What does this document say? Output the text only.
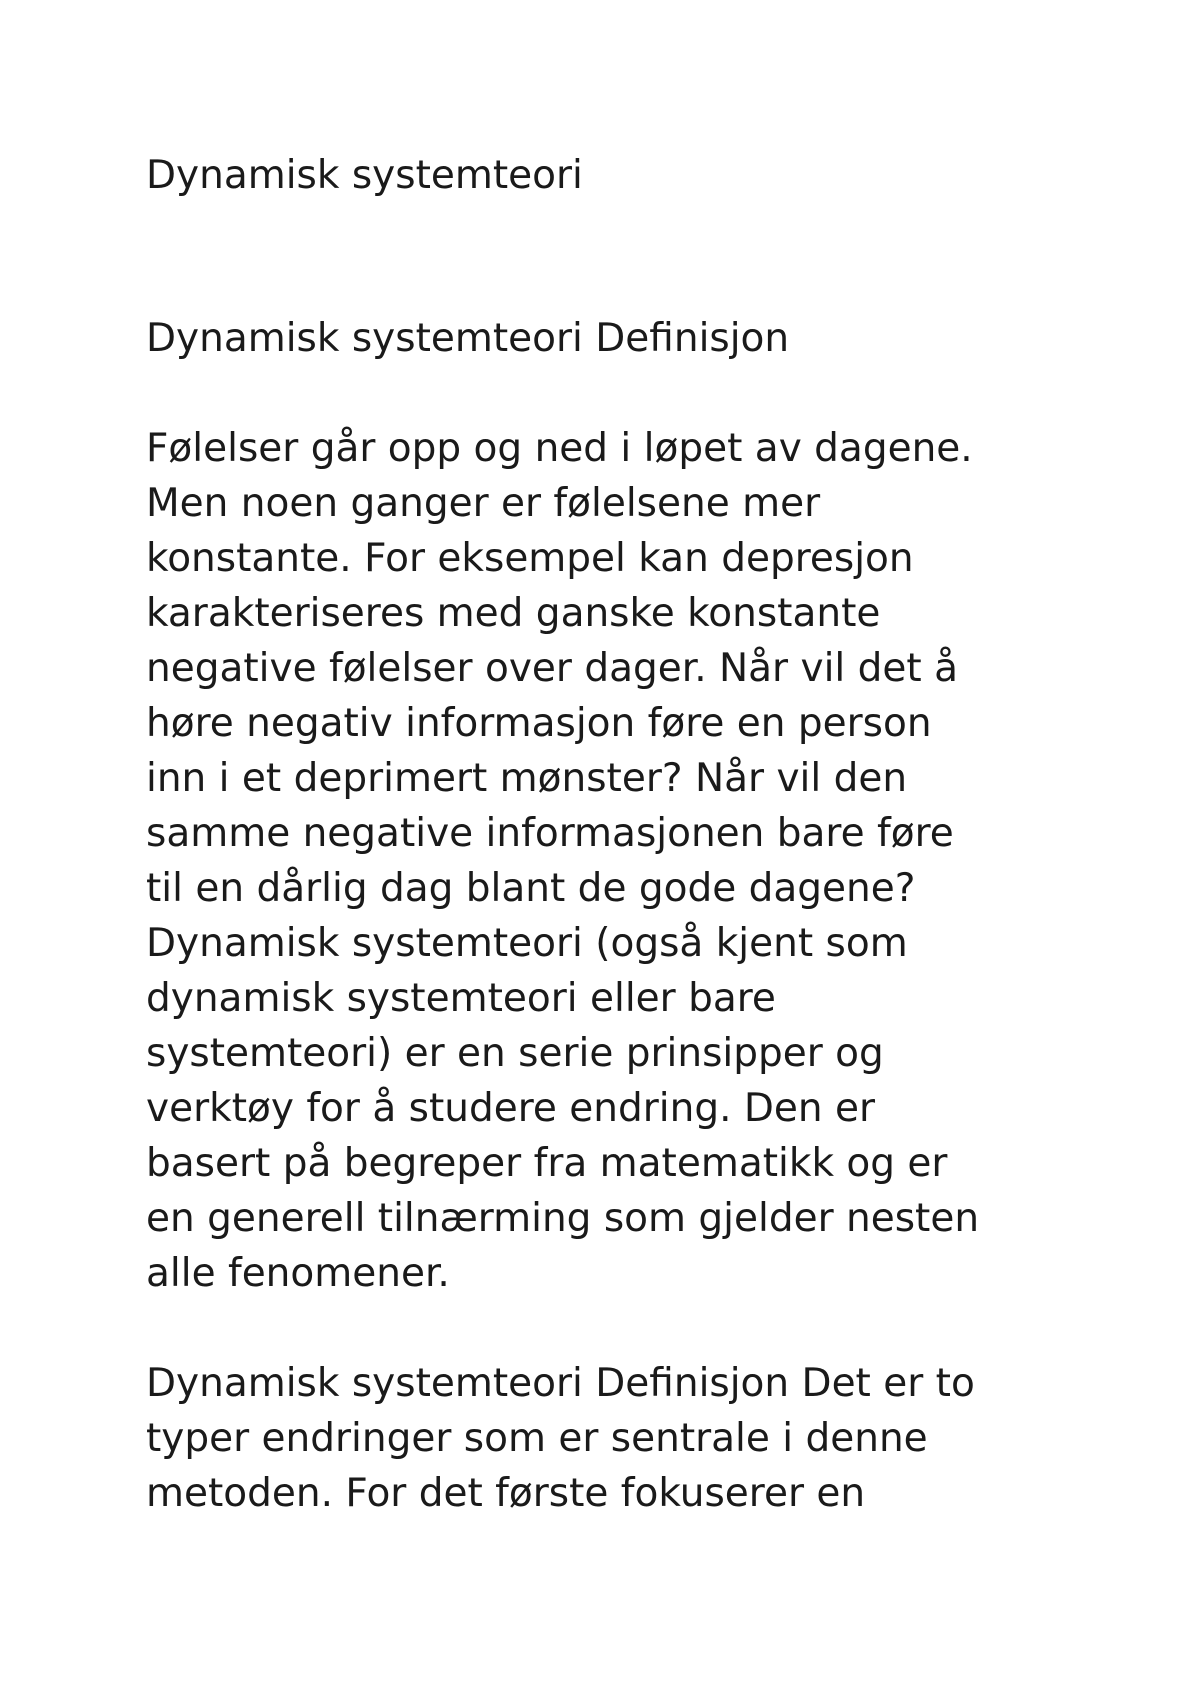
Dynamisk systemteori
Dynamisk systemteori Definisjon

Følelser går opp og ned i løpet av dagene.
Men noen ganger er følelsene mer
konstante. For eksempel kan depresjon
karakteriseres med ganske konstante
negative følelser over dager. Når vil det å
høre negativ informasjon føre en person
inn i et deprimert mønster? Når vil den
samme negative informasjonen bare føre
til en dårlig dag blant de gode dagene?
Dynamisk systemteori (også kjent som
dynamisk systemteori eller bare
systemteori) er en serie prinsipper og
verktøy for å studere endring. Den er
basert på begreper fra matematikk og er
en generell tilnærming som gjelder nesten
alle fenomener.

Dynamisk systemteori Definisjon Det er to
typer endringer som er sentrale i denne
metoden. For det første fokuserer en
